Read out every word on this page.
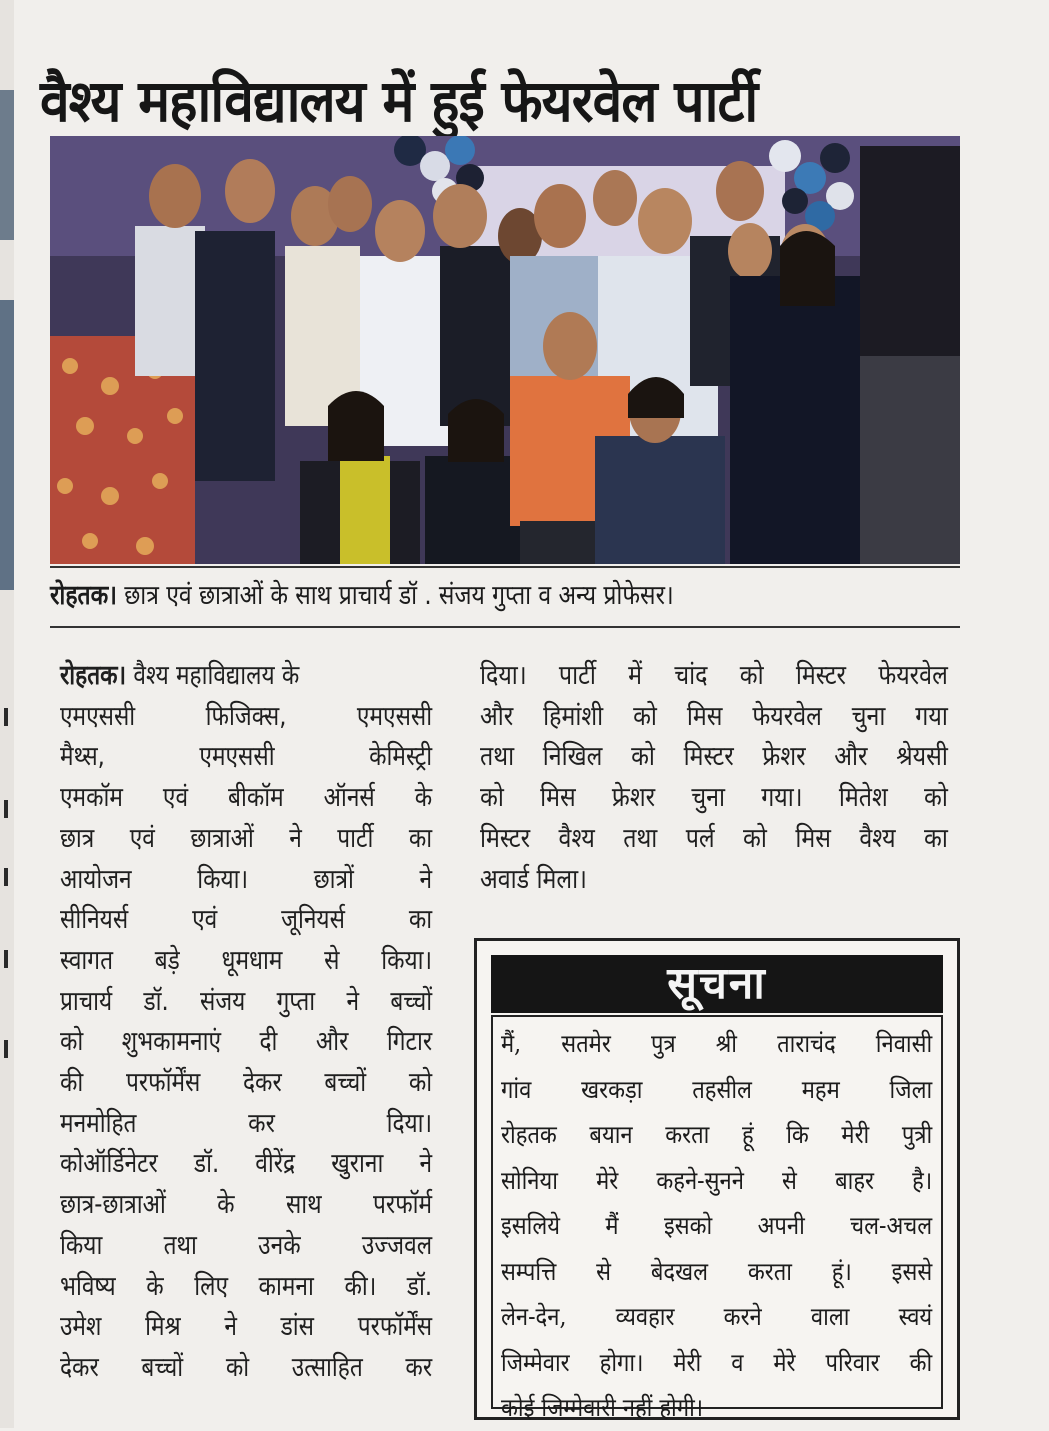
वैश्य महाविद्यालय में हुई फेयरवेल पार्टी
रोहतक। छात्र एवं छात्राओं के साथ प्राचार्य डॉ . संजय गुप्ता व अन्य प्रोफेसर।
रोहतक। वैश्य महाविद्यालय के
एमएससी फिजिक्स, एमएससी
मैथ्स, एमएससी केमिस्ट्री
एमकॉम एवं बीकॉम ऑनर्स के
छात्र एवं छात्राओं ने पार्टी का
आयोजन किया। छात्रों ने
सीनियर्स एवं जूनियर्स का
स्वागत बड़े धूमधाम से किया।
प्राचार्य डॉ. संजय गुप्ता ने बच्चों
को शुभकामनाएं दी और गिटार
की परफॉर्मेंस देकर बच्चों को
मनमोहित कर दिया।
कोऑर्डिनेटर डॉ. वीरेंद्र खुराना ने
छात्र-छात्राओं के साथ परफॉर्म
किया तथा उनके उज्जवल
भविष्य के लिए कामना की। डॉ.
उमेश मिश्र ने डांस परफॉर्मेंस
देकर बच्चों को उत्साहित कर
दिया। पार्टी में चांद को मिस्टर फेयरवेल
और हिमांशी को मिस फेयरवेल चुना गया
तथा निखिल को मिस्टर फ्रेशर और श्रेयसी
को मिस फ्रेशर चुना गया। मितेश को
मिस्टर वैश्य तथा पर्ल को मिस वैश्य का
अवार्ड मिला।
सूचना
मैं, सतमेर पुत्र श्री ताराचंद निवासी
गांव खरकड़ा तहसील महम जिला
रोहतक बयान करता हूं कि मेरी पुत्री
सोनिया मेरे कहने-सुनने से बाहर है।
इसलिये मैं इसको अपनी चल-अचल
सम्पत्ति से बेदखल करता हूं। इससे
लेन-देन, व्यवहार करने वाला स्वयं
जिम्मेवार होगा। मेरी व मेरे परिवार की
कोई जिम्मेवारी नहीं होगी।
